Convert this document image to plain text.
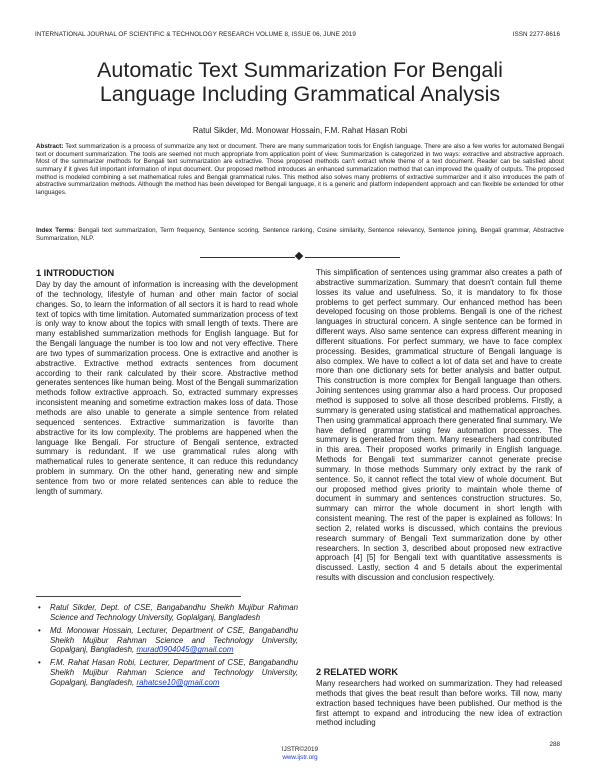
INTERNATIONAL JOURNAL OF SCIENTIFIC & TECHNOLOGY RESEARCH VOLUME 8, ISSUE 06, JUNE 2019	ISSN 2277-8616
Automatic Text Summarization For Bengali
Language Including Grammatical Analysis
Ratul Sikder, Md. Monowar Hossain, F.M. Rahat Hasan Robi

Abstract: Text summarization is a process of summarize any text or document. There are many summarization tools for English language. There are also a few works for automated Bengali text or document summarization. The tools are seemed not much appropriate from application point of view. Summarization is categorized in two ways: extractive and abstractive approach. Most of the summarizer methods for Bengali text summarization are extractive. Those proposed methods can't extract whole theme of a text document. Reader can be satisfied about summary if it gives full important information of input document. Our proposed method introduces an enhanced summarization method that can improved the quality of outputs. The proposed method is modeled combining a set mathematical rules and Bengali grammatical rules. This method also solves many problems of extractive summarizer and it also introduces the path of abstractive summarization methods. Although the method has been developed for Bengali language, it is a generic and platform independent approach and can flexible be extended for other languages.

Index Terms: Bengali text summarization, Term frequency, Sentence scoring, Sentence ranking, Cosine similarity, Sentence relevancy, Sentence joining, Bengali grammar, Abstractive Summarization, NLP.

1 INTRODUCTION

Day by day the amount of information is increasing with the development of the technology, lifestyle of human and other main factor of social changes. So, to learn the information of all sectors it is hard to read whole text of topics with time limitation. Automated summarization process of text is only way to know about the topics with small length of texts. There are many established summarization methods for English language. But for the Bengali language the number is too low and not very effective. There are two types of summarization process. One is extractive and another is abstractive. Extractive method extracts sentences from document according to their rank calculated by their score. Abstractive method generates sentences like human being. Most of the Bengali summarization methods follow extractive approach. So, extracted summary expresses inconsistent meaning and sometime extraction makes loss of data. Those methods are also unable to generate a simple sentence from related sequenced sentences. Extractive summarization is favorite than abstractive for its low complexity. The problems are happened when the language like Bengali. For structure of Bengali sentence, extracted summary is redundant. If we use grammatical rules along with mathematical rules to generate sentence, it can reduce this redundancy problem in summary. On the other hand, generating new and simple sentence from two or more related sentences can able to reduce the length of summary.

• Ratul Sikder, Dept. of CSE, Bangabandhu Sheikh Mujibur Rahman Science and Technology University, Goplalganj, Bangladesh
• Md. Monowar Hossain, Lecturer, Department of CSE, Bangabandhu Sheikh Mujibur Rahman Science and Technology University, Gopalganj, Bangladesh, murad0904045@gmail.com
• F.M. Rahat Hasan Robi, Lecturer, Department of CSE, Bangabandhu Sheikh Mujibur Rahman Science and Technology University, Gopalganj, Bangladesh, rahatcse10@gmail.com

This simplification of sentences using grammar also creates a path of abstractive summarization. Summary that doesn't contain full theme losses its value and usefulness. So, it is mandatory to fix those problems to get perfect summary. Our enhanced method has been developed focusing on those problems. Bengali is one of the richest languages in structural concern. A single sentence can be formed in different ways. Also same sentence can express different meaning in different situations. For perfect summary, we have to face complex processing. Besides, grammatical structure of Bengali language is also complex. We have to collect a lot of data set and have to create more than one dictionary sets for better analysis and batter output. This construction is more complex for Bengali language than others. Joining sentences using grammar also a hard process. Our proposed method is supposed to solve all those described problems. Firstly, a summary is generated using statistical and mathematical approaches. Then using grammatical approach there generated final summary. We have defined grammar using few automation processes. The summary is generated from them. Many researchers had contributed in this area. Their proposed works primarily in English language. Methods for Bengali text summarizer cannot generate precise summary. In those methods Summary only extract by the rank of sentence. So, it cannot reflect the total view of whole document. But our proposed method gives priority to maintain whole theme of document in summary and sentences construction structures. So, summary can mirror the whole document in short length with consistent meaning. The rest of the paper is explained as follows: In section 2, related works is discussed, which contains the previous research summary of Bengali Text summarization done by other researchers. In section 3, described about proposed new extractive approach [4] [5] for Bengali text with quantitative assessments is discussed. Lastly, section 4 and 5 details about the experimental results with discussion and conclusion respectively.

2 RELATED WORK

Many researchers had worked on summarization. They had released methods that gives the beat result than before works. Till now, many extraction based techniques have been published. Our method is the first attempt to expand and introducing the new idea of extraction method including

288
IJSTR©2019
www.ijstr.org
